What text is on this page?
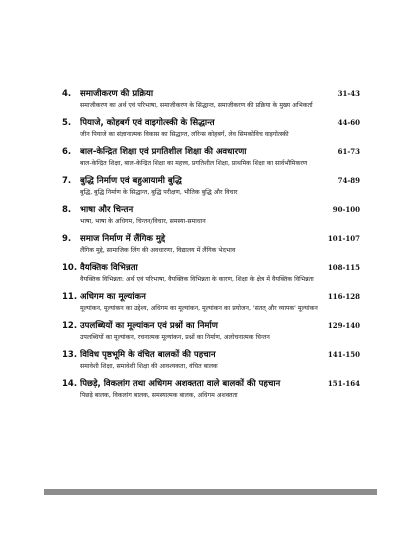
4.	समाजीकरण की प्रक्रिया	31-43
समाजीकरण का अर्थ एवं परिभाषा, समाजीकरण के सिद्धान्त, समाजीकरण की प्रक्रिया के मुख्य अभिकर्ता
5.	पियाजे, कोहबर्ग एवं वाइगोत्स्की के सिद्धान्त	44-60
जीन पियाजे का संज्ञानात्मक विकास का सिद्धान्त, लॉरेन्स कोहबर्ग, लेव सिमकोविच वाइगोत्स्की
6.	बाल-केन्द्रित शिक्षा एवं प्रगतिशील शिक्षा की अवधारणा	61-73
बाल-केन्द्रित शिक्षा, बाल-केन्द्रित शिक्षा का महत्त्व, प्रगतिशील शिक्षा, प्राथमिक शिक्षा का सार्वभौमिकरण
7.	बुद्धि निर्माण एवं बहुआयामी बुद्धि	74-89
बुद्धि, बुद्धि निर्माण के सिद्धान्त, बुद्धि परीक्षण, भौतिक बुद्धि और विचार
8.	भाषा और चिन्तन	90-100
भाषा, भाषा के अधिगम, चिन्तन/विचार, समस्या-समाधान
9.	समाज निर्माण में लैंगिक मुद्दे	101-107
लैंगिक मुद्दे, सामाजिक लिंग की अवधारणा, विद्यालय में लैंगिक भेदभाव
10. वैयक्तिक विभिन्नता	108-115
वैयक्तिक विभिन्नता: अर्थ एवं परिभाषा, वैयक्तिक विभिन्नता के कारण, शिक्षा के क्षेत्र में वैयक्तिक विभिन्नता
11. अधिगम का मूल्यांकन	116-128
मूल्यांकन, मूल्यांकन का उद्देश्य, अधिगम का मूल्यांकन, मूल्यांकन का प्रयोजन, 'सतत् और व्यापक' मूल्यांकन
12. उपलब्धियों का मूल्यांकन एवं प्रश्नों का निर्माण	129-140
उपलब्धियों का मूल्यांकन, रचनात्मक मूल्यांकन, प्रश्नों का निर्माण, अलोचनात्मक चिन्तन
13. विविध पृष्ठभूमि के वंचित बालकों की पहचान	141-150
समावेशी शिक्षा, समावेशी शिक्षा की आवश्यकता, वंचित बालक
14. पिछड़े, विकलांग तथा अधिगम अशक्तता वाले बालकों की पहचान	151-164
पिछड़े बालक, विकलांग बालक, समस्यात्मक बालक, अधिगम अशक्तता
